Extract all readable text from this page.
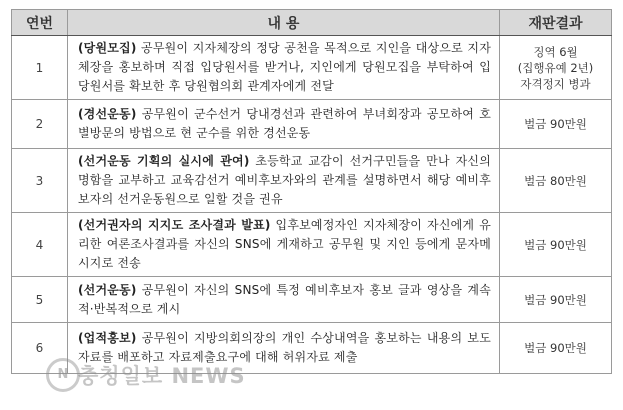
연번	내 용	재판결과
1	(당원모집) 공무원이 지자체장의 정당 공천을 목적으로 지인을 대상으로 지자체장을 홍보하며 직접 입당원서를 받거나, 지인에게 당원모집을 부탁하여 입당원서를 확보한 후 당원협의회 관계자에게 전달	징역 6월
(집행유예 2년)
자격정지 병과

2	(경선운동) 공무원이 군수선거 당내경선과 관련하여 부녀회장과 공모하여 호별방문의 방법으로 현 군수를 위한 경선운동	벌금 90만원

3	(선거운동 기획의 실시에 관여) 초등학교 교감이 선거구민들을 만나 자신의 명함을 교부하고 교육감선거 예비후보자와의 관계를 설명하면서 해당 예비후보자의 선거운동원으로 일할 것을 권유	벌금 80만원

4	(선거권자의 지지도 조사결과 발표) 입후보예정자인 지자체장이 자신에게 유리한 여론조사결과를 자신의 SNS에 게재하고 공무원 및 지인 등에게 문자메시지로 전송	벌금 90만원

5	(선거운동) 공무원이 자신의 SNS에 특정 예비후보자 홍보 글과 영상을 계속적·반복적으로 게시	벌금 90만원

6	(업적홍보) 공무원이 지방의회의장의 개인 수상내역을 홍보하는 내용의 보도자료를 배포하고 자료제출요구에 대해 허위자료 제출	벌금 90만원
N 충청일보 NEWS
